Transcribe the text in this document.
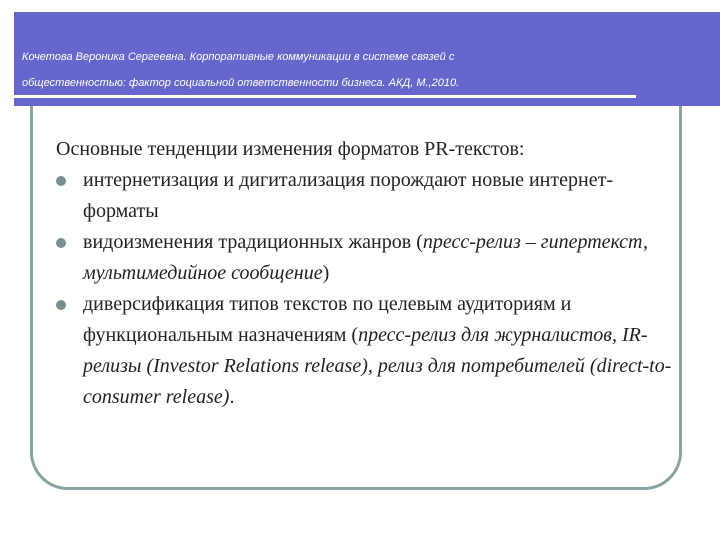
Кочетова Вероника Сергеевна. Корпоративные коммуникации в системе связей с
общественностью: фактор социальной ответственности бизнеса. АКД, М.,2010.

Основные тенденции изменения форматов PR-текстов:

интернетизация и дигитализация порождают новые интернет-форматы
видоизменения традиционных жанров (пресс-релиз – гипертекст, мультимедийное сообщение)
диверсификация типов текстов по целевым аудиториям и функциональным назначениям (пресс-релиз для журналистов, IR-релизы (Investor Relations release), релиз для потребителей (direct-to-consumer release).
